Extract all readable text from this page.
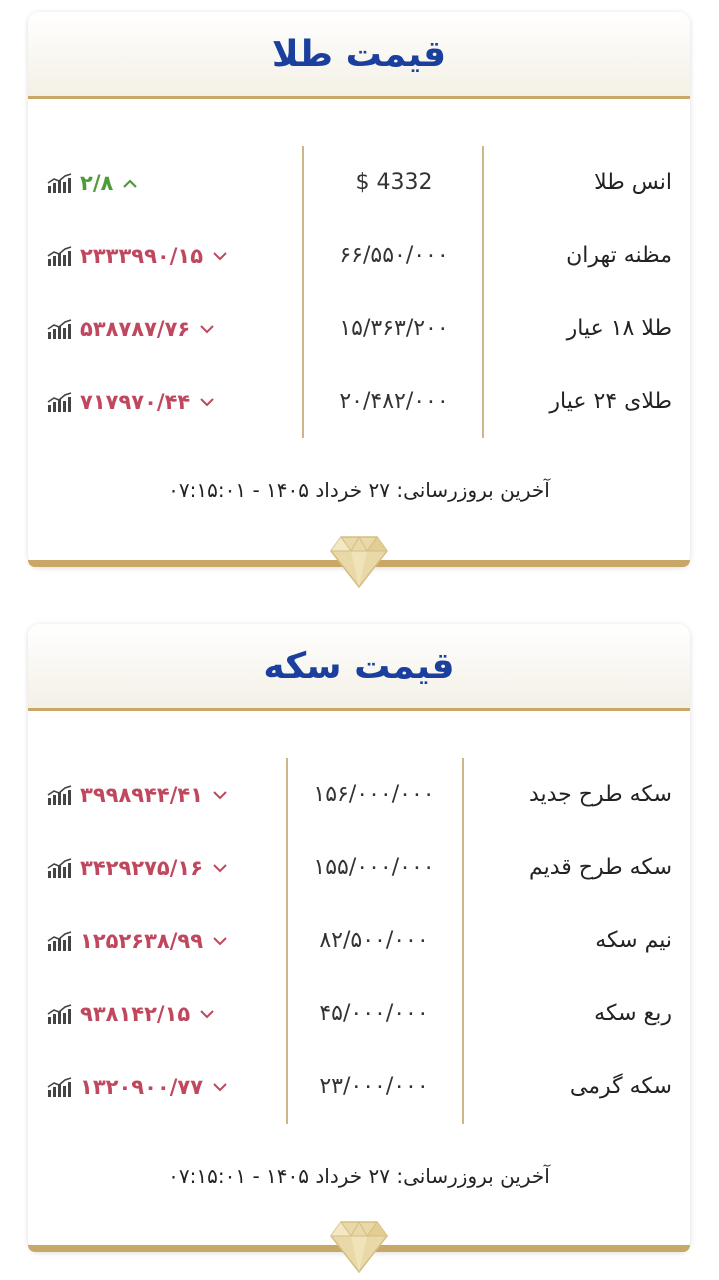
قیمت طلا
انس طلا
4332 $
۲/۸
مظنه تهران
۶۶/۵۵۰/۰۰۰
۲۳۳۳۹۹۰/۱۵
طلا ۱۸ عیار
۱۵/۳۶۳/۲۰۰
۵۳۸۷۸۷/۷۶
طلای ۲۴ عیار
۲۰/۴۸۲/۰۰۰
۷۱۷۹۷۰/۴۴
آخرین بروزرسانی: ۲۷ خرداد ۱۴۰۵ - ۰۷:۱۵:۰۱
قیمت سکه
سکه طرح جدید
۱۵۶/۰۰۰/۰۰۰
۳۹۹۸۹۴۴/۴۱
سکه طرح قدیم
۱۵۵/۰۰۰/۰۰۰
۳۴۲۹۲۷۵/۱۶
نیم سکه
۸۲/۵۰۰/۰۰۰
۱۲۵۲۶۳۸/۹۹
ربع سکه
۴۵/۰۰۰/۰۰۰
۹۳۸۱۴۲/۱۵
سکه گرمی
۲۳/۰۰۰/۰۰۰
۱۳۲۰۹۰۰/۷۷
آخرین بروزرسانی: ۲۷ خرداد ۱۴۰۵ - ۰۷:۱۵:۰۱
